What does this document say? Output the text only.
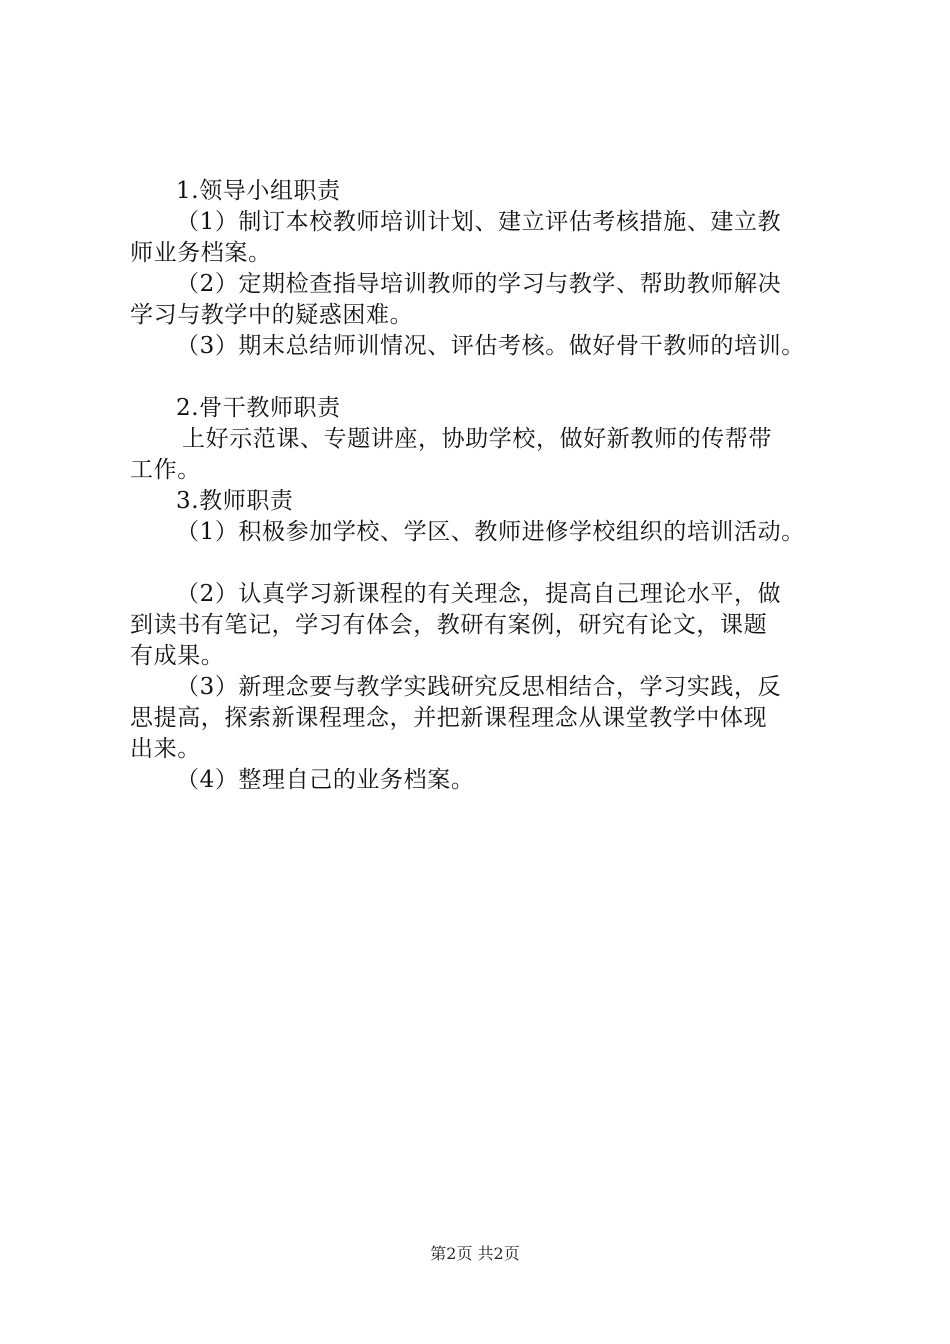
1.领导小组职责
（1）制订本校教师培训计划、建立评估考核措施、建立教
师业务档案。
（2）定期检查指导培训教师的学习与教学、帮助教师解决
学习与教学中的疑惑困难。
（3）期末总结师训情况、评估考核。做好骨干教师的培训。
2.骨干教师职责
上好示范课、专题讲座，协助学校，做好新教师的传帮带
工作。
3.教师职责
（1）积极参加学校、学区、教师进修学校组织的培训活动。
（2）认真学习新课程的有关理念，提高自己理论水平，做
到读书有笔记，学习有体会，教研有案例，研究有论文，课题
有成果。
（3）新理念要与教学实践研究反思相结合，学习实践，反
思提高，探索新课程理念，并把新课程理念从课堂教学中体现
出来。
（4）整理自己的业务档案。
第2页 共2页
